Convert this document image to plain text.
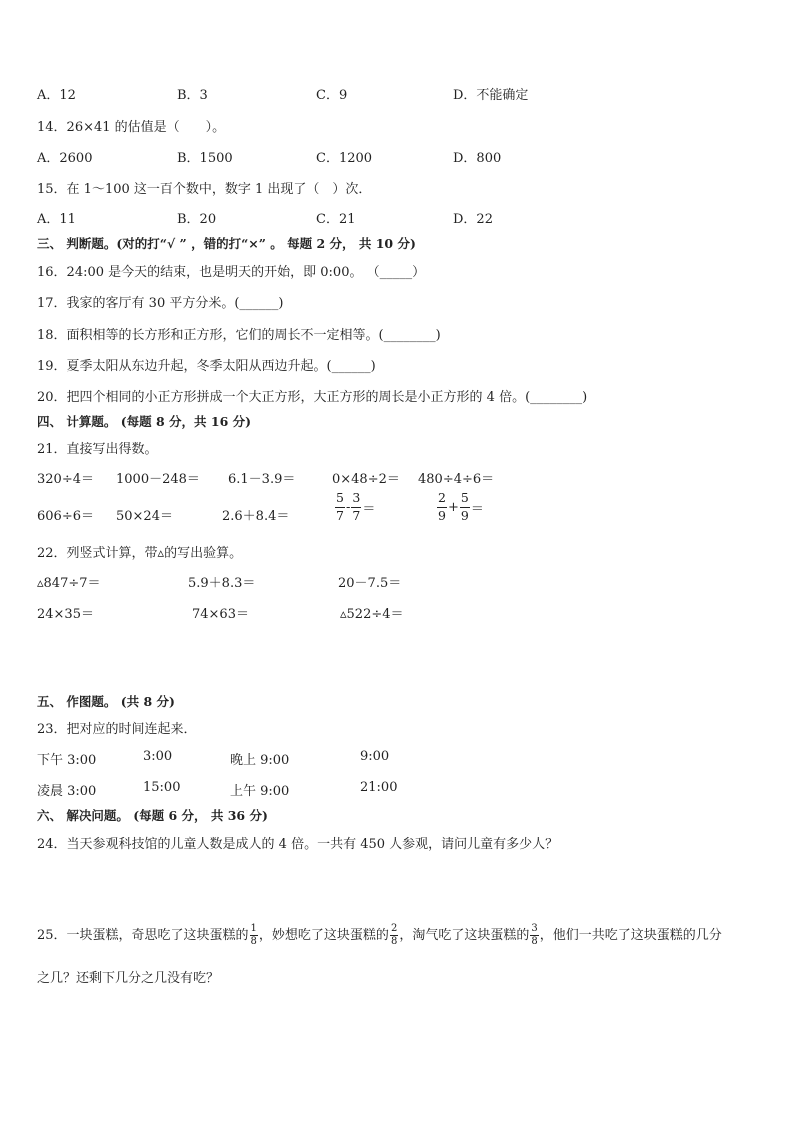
A．12	B．3	C．9	D．不能确定
14．26×41 的估值是（　　）。
A．2600	B．1500	C．1200	D．800
15．在 1～100 这一百个数中，数字 1 出现了（　）次．
A．11	B．20	C．21	D．22
三、 判断题。(对的打“√ ” ，错的打“×” 。 每题 2 分， 共 10 分)
16．24:00 是今天的结束，也是明天的开始，即 0:00。 （_____）
17．我家的客厅有 30 平方分米。(______)
18．面积相等的长方形和正方形，它们的周长不一定相等。(________)
19．夏季太阳从东边升起，冬季太阳从西边升起。(______)
20．把四个相同的小正方形拼成一个大正方形，大正方形的周长是小正方形的 4 倍。(________)
四、 计算题。 (每题 8 分，共 16 分)
21．直接写出得数。
320÷4＝ 1000－248＝ 6.1－3.9＝	0×48÷2＝ 480÷4÷6＝
606÷6＝ 50×24＝	2.6＋8.4＝	$\frac{5}{7} - \frac{3}{7}$ ＝	$\frac{2}{9} + \frac{5}{9}$ ＝
22．列竖式计算，带▵的写出验算。
▵847÷7＝	5.9＋8.3＝	20－7.5＝
24×35＝	74×63＝	▵522÷4＝
五、 作图题。 (共 8 分)
23．把对应的时间连起来．
下午 3:00	3:00	晚上 9:00	9:00
凌晨 3:00	15:00	上午 9:00	21:00
六、 解决问题。 (每题 6 分， 共 36 分)
24．当天参观科技馆的儿童人数是成人的 4 倍。一共有 450 人参观，请问儿童有多少人？
25．一块蛋糕，奇思吃了这块蛋糕的 $\frac{1}{8}$ ，妙想吃了这块蛋糕的 $\frac{2}{8}$ ，淘气吃了这块蛋糕的 $\frac{3}{8}$ ，他们一共吃了这块蛋糕的几分
之几？还剩下几分之几没有吃？
